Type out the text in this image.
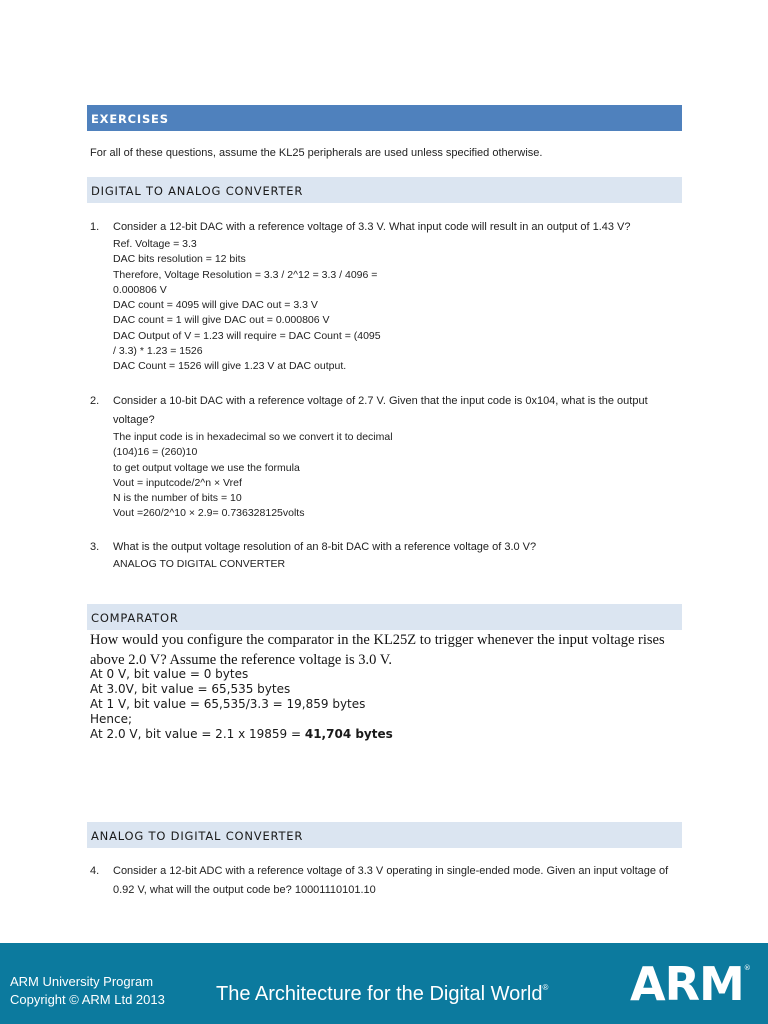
EXERCISES
For all of these questions, assume the KL25 peripherals are used unless specified otherwise.
DIGITAL TO ANALOG CONVERTER
1. Consider a 12-bit DAC with a reference voltage of 3.3 V. What input code will result in an output of 1.43 V?
Ref. Voltage = 3.3
DAC bits resolution = 12 bits
Therefore, Voltage Resolution = 3.3 / 2^12 = 3.3 / 4096 =
0.000806 V
DAC count = 4095 will give DAC out = 3.3 V
DAC count = 1 will give DAC out = 0.000806 V
DAC Output of V = 1.23 will require = DAC Count = (4095
/ 3.3) * 1.23 = 1526
DAC Count = 1526 will give 1.23 V at DAC output.
2. Consider a 10-bit DAC with a reference voltage of 2.7 V. Given that the input code is 0x104, what is the output voltage?
The input code is in hexadecimal so we convert it to decimal
(104)16 = (260)10
to get output voltage we use the formula
Vout = inputcode/2^n × Vref
N is the number of bits = 10
Vout =260/2^10 × 2.9= 0.736328125volts
3. What is the output voltage resolution of an 8-bit DAC with a reference voltage of 3.0 V?
ANALOG TO DIGITAL CONVERTER
COMPARATOR
How would you configure the comparator in the KL25Z to trigger whenever the input voltage rises above 2.0 V? Assume the reference voltage is 3.0 V.
At 0 V, bit value = 0 bytes
At 3.0V, bit value = 65,535 bytes
At 1 V, bit value = 65,535/3.3 = 19,859 bytes
Hence;
At 2.0 V, bit value = 2.1 x 19859 = 41,704 bytes
ANALOG TO DIGITAL CONVERTER
4. Consider a 12-bit ADC with a reference voltage of 3.3 V operating in single-ended mode. Given an input voltage of 0.92 V, what will the output code be? 10001110101.10
ARM University Program
Copyright © ARM Ltd 2013	The Architecture for the Digital World® ARM®
